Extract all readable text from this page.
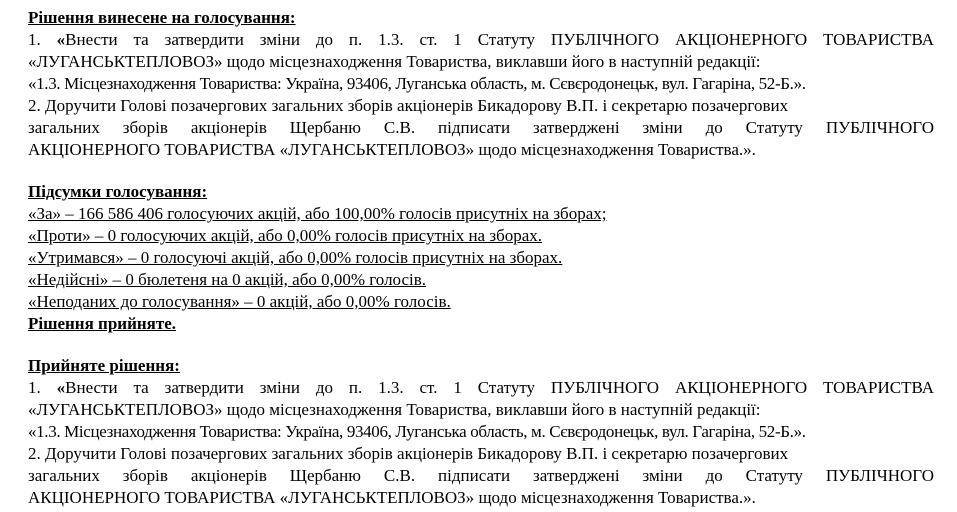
Рішення винесене на голосування:
1. «Внести та затвердити зміни до п. 1.3. ст. 1 Статуту ПУБЛІЧНОГО АКЦІОНЕРНОГО ТОВАРИСТВА
«ЛУГАНСЬКТЕПЛОВОЗ» щодо місцезнаходження Товариства, виклавши його в наступній редакції:
«1.3. Місцезнаходження Товариства: Україна, 93406, Луганська область, м. Сєвєродонецьк, вул. Гагаріна, 52-Б.».
2. Доручити Голові позачергових загальних зборів акціонерів Бикадорову В.П. і секретарю позачергових
загальних зборів акціонерів Щербаню С.В. підписати затверджені зміни до Статуту ПУБЛІЧНОГО
АКЦІОНЕРНОГО ТОВАРИСТВА «ЛУГАНСЬКТЕПЛОВОЗ» щодо місцезнаходження Товариства.».
Підсумки голосування:
«За» – 166 586 406 голосуючих акцій, або 100,00% голосів присутніх на зборах;
«Проти» – 0 голосуючих акцій, або 0,00% голосів присутніх на зборах.
«Утримався» – 0 голосуючі акцій, або 0,00% голосів присутніх на зборах.
«Недійсні» – 0 бюлетеня на 0 акцій, або 0,00% голосів.
«Неподаних до голосування» – 0 акцій, або 0,00% голосів.
Рішення прийняте.
Прийняте рішення:
1. «Внести та затвердити зміни до п. 1.3. ст. 1 Статуту ПУБЛІЧНОГО АКЦІОНЕРНОГО ТОВАРИСТВА
«ЛУГАНСЬКТЕПЛОВОЗ» щодо місцезнаходження Товариства, виклавши його в наступній редакції:
«1.3. Місцезнаходження Товариства: Україна, 93406, Луганська область, м. Сєвєродонецьк, вул. Гагаріна, 52-Б.».
2. Доручити Голові позачергових загальних зборів акціонерів Бикадорову В.П. і секретарю позачергових
загальних зборів акціонерів Щербаню С.В. підписати затверджені зміни до Статуту ПУБЛІЧНОГО
АКЦІОНЕРНОГО ТОВАРИСТВА «ЛУГАНСЬКТЕПЛОВОЗ» щодо місцезнаходження Товариства.».
